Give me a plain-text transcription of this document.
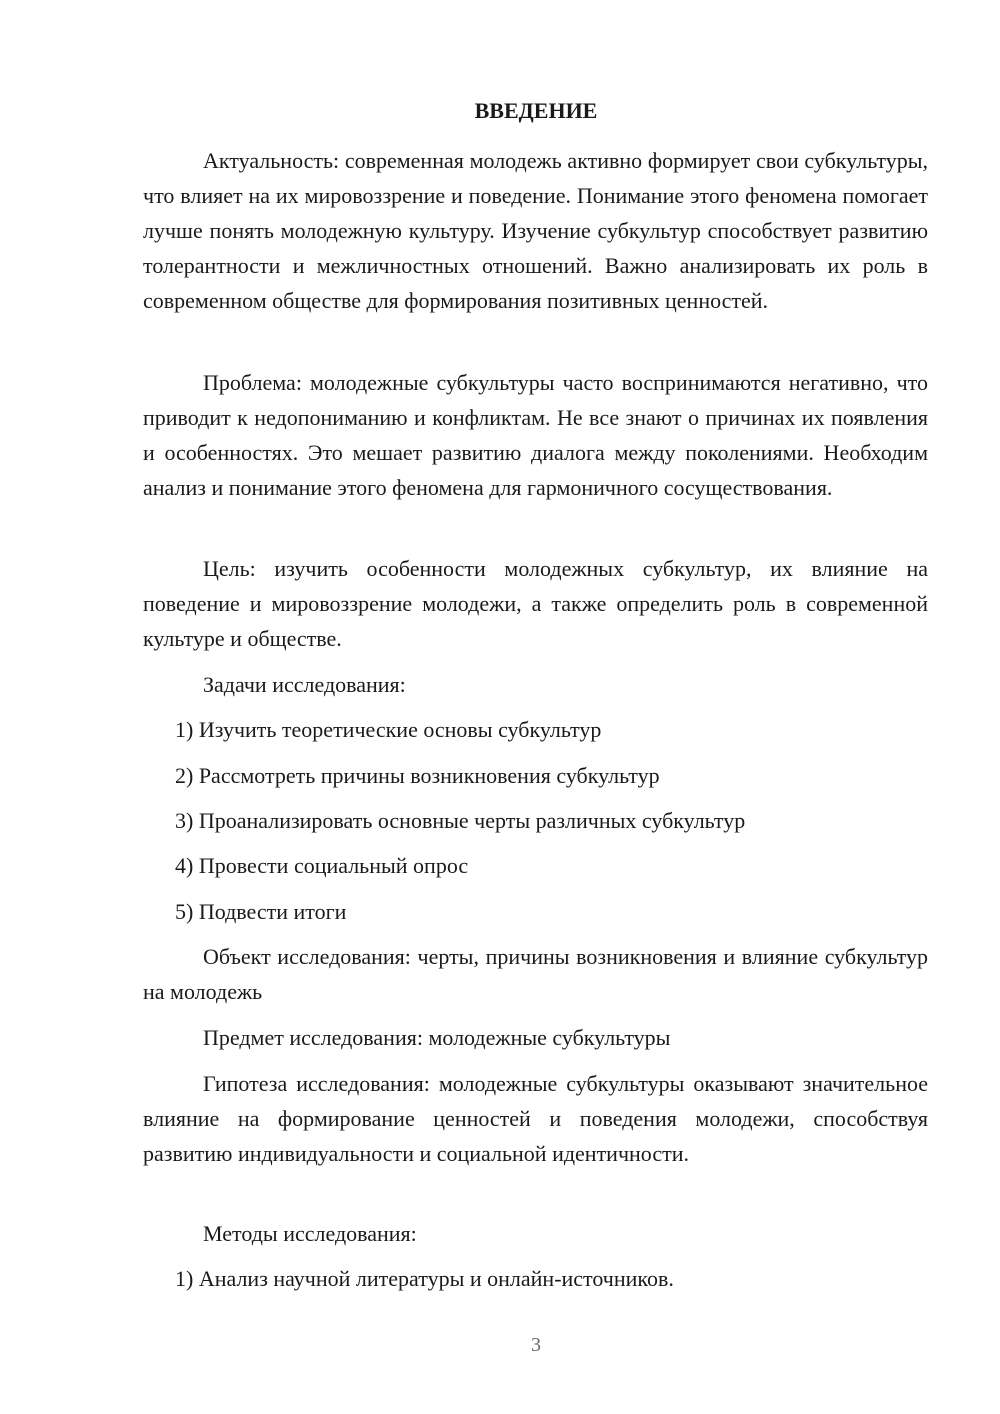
ВВЕДЕНИЕ

Актуальность: современная молодежь активно формирует свои субкультуры, что влияет на их мировоззрение и поведение. Понимание этого феномена помогает лучше понять молодежную культуру. Изучение субкультур способствует развитию толерантности и межличностных отношений. Важно анализировать их роль в современном обществе для формирования позитивных ценностей.

Проблема: молодежные субкультуры часто воспринимаются негативно, что приводит к недопониманию и конфликтам. Не все знают о причинах их появления и особенностях. Это мешает развитию диалога между поколениями. Необходим анализ и понимание этого феномена для гармоничного сосуществования.

Цель: изучить особенности молодежных субкультур, их влияние на поведение и мировоззрение молодежи, а также определить роль в современной культуре и обществе.

Задачи исследования:

1) Изучить теоретические основы субкультур

2) Рассмотреть причины возникновения субкультур

3) Проанализировать основные черты различных субкультур

4) Провести социальный опрос

5) Подвести итоги

Объект исследования: черты, причины возникновения и влияние субкультур на молодежь

Предмет исследования: молодежные субкультуры

Гипотеза исследования: молодежные субкультуры оказывают значительное влияние на формирование ценностей и поведения молодежи, способствуя развитию индивидуальности и социальной идентичности.

Методы исследования:

1) Анализ научной литературы и онлайн-источников.

3
